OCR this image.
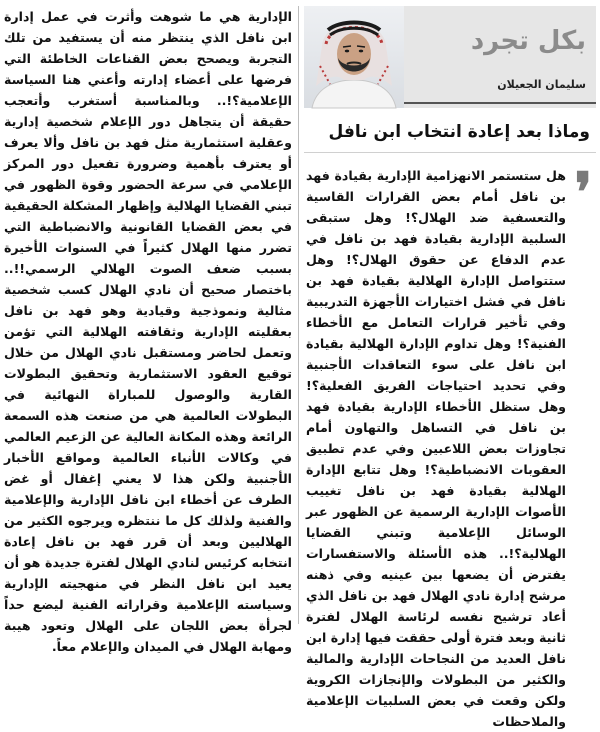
الإدارية هي ما شوهت وأثرت في عمل إدارة ابن نافل الذي ينتظر منه أن يستفيد من تلك التجربة ويصحح بعض القناعات الخاطئة التي فرضها على أعضاء إدارته وأعني هنا السياسة الإعلامية؟!.. وبالمناسبة أستغرب وأتعجب حقيقة أن يتجاهل دور الإعلام شخصية إدارية وعقلية استثمارية مثل فهد بن نافل وألا يعرف أو يعترف بأهمية وضرورة تفعيل دور المركز الإعلامي في سرعة الحضور وقوة الظهور في تبني القضايا الهلالية وإظهار المشكلة الحقيقية في بعض القضايا القانونية والانضباطية التي تضرر منها الهلال كثيراً في السنوات الأخيرة بسبب ضعف الصوت الهلالي الرسمي!!.. باختصار صحيح أن نادي الهلال كسب شخصية مثالية ونموذجية وقيادية وهو فهد بن نافل بعقليته الإدارية وثقافته الهلالية التي تؤمن وتعمل لحاضر ومستقبل نادي الهلال من خلال توقيع العقود الاستثمارية وتحقيق البطولات القارية والوصول للمباراة النهائية في البطولات العالمية هي من صنعت هذه السمعة الرائعة وهذه المكانة العالية عن الزعيم العالمي في وكالات الأنباء العالمية ومواقع الأخبار الأجنبية ولكن هذا لا يعني إغفال أو غض الطرف عن أخطاء ابن نافل الإدارية والإعلامية والفنية ولذلك كل ما ننتظره ويرجوه الكثير من الهلاليين وبعد أن قرر فهد بن نافل إعادة انتخابه كرئيس لنادي الهلال لفترة جديدة هو أن يعيد ابن نافل النظر في منهجيته الإدارية وسياسته الإعلامية وقراراته الفنية ليضع حداً لجرأة بعض اللجان على الهلال وتعود هيبة ومهابة الهلال في الميدان والإعلام معاً.
بكل تجرد
سليمان الجعيلان
وماذا بعد إعادة انتخاب ابن نافل
❜
هل ستستمر الانهزامية الإدارية بقيادة فهد بن نافل أمام بعض القرارات القاسية والتعسفية ضد الهلال؟! وهل ستبقى السلبية الإدارية بقيادة فهد بن نافل في عدم الدفاع عن حقوق الهلال؟! وهل ستتواصل الإدارة الهلالية بقيادة فهد بن نافل في فشل اختيارات الأجهزة التدريبية وفي تأخير قرارات التعامل مع الأخطاء الفنية؟! وهل تداوم الإدارة الهلالية بقيادة ابن نافل على سوء التعاقدات الأجنبية وفي تحديد احتياجات الفريق الفعلية؟! وهل ستظل الأخطاء الإدارية بقيادة فهد بن نافل في التساهل والتهاون أمام تجاوزات بعض اللاعبين وفي عدم تطبيق العقوبات الانضباطية؟! وهل تتابع الإدارة الهلالية بقيادة فهد بن نافل تغييب الأصوات الإدارية الرسمية عن الظهور عبر الوسائل الإعلامية وتبني القضايا الهلالية؟!.. هذه الأسئلة والاستفسارات يفترض أن يضعها بين عينيه وفي ذهنه مرشح إدارة نادي الهلال فهد بن نافل الذي أعاد ترشيح نفسه لرئاسة الهلال لفترة ثانية وبعد فترة أولى حققت فيها إدارة ابن نافل العديد من النجاحات الإدارية والمالية والكثير من البطولات والإنجازات الكروية ولكن وقعت في بعض السلبيات الإعلامية والملاحظات
